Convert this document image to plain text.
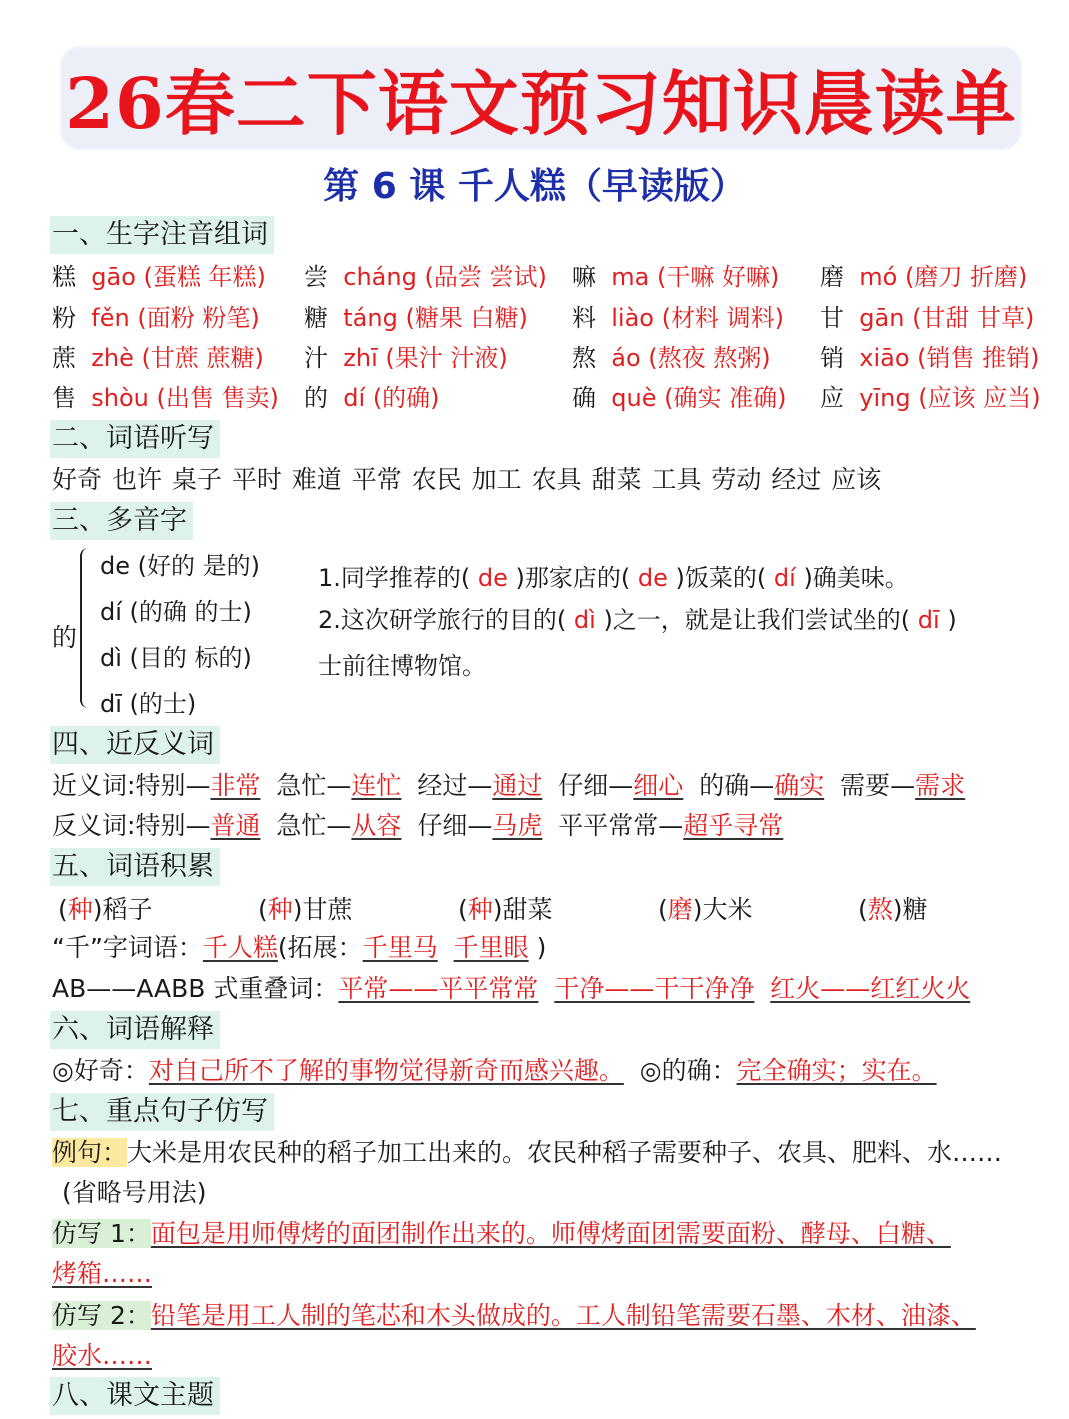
26春二下语文预习 知识晨读单
第 6 课 千人糕（早读版）
一、生字注音组词
糕 gāo (蛋糕 年糕) 尝 cháng (品尝 尝试) 嘛 ma (干嘛 好嘛) 磨 mó (磨刀 折磨)
粉 fěn (面粉 粉笔) 糖 táng (糖果 白糖) 料 liào (材料 调料) 甘 gān (甘甜 甘草)
蔗 zhè (甘蔗 蔗糖) 汁 zhī (果汁 汁液)	熬 áo (熬夜 熬粥) 销 xiāo (销售 推销)
售 shòu (出售 售卖) 的 dí (的确)	确 què (确实 准确) 应 yīng (应该 应当)
二、词语听写
好奇 也许 桌子 平时 难道 平常 农民 加工 农具 甜菜 工具 劳动 经过 应该
三、多音字
的
de (好的 是的)
dí (的确 的士)
dì (目的 标的)
dī (的士)
1.同学推荐的( de )那家店的( de )饭菜的( dí )确美味。
2.这次研学旅行的目的( dì )之一，就是让我们尝试坐的( dī )
士前往博物馆。
四、近反义词
近义词:特别—非常 急忙—连忙 经过—通过 仔细—细心 的确—确实 需要—需求
反义词:特别—普通 急忙—从容 仔细—马虎 平平常常—超乎寻常
五、词语积累
(种)稻子	(种)甘蔗	(种)甜菜	(磨)大米	(熬)糖
“千”字词语：千人糕(拓展：千里马 千里眼 )
AB——AABB 式重叠词：平常——平平常常 干净——干干净净 红火——红红火火
六、词语解释
◎好奇：对自己所不了解的事物觉得新奇而感兴趣。 ◎的确：完全确实；实在。
七、重点句子仿写
例句：大米是用农民种的稻子加工出来的。农民种稻子需要种子、农具、肥料、水……
(省略号用法)
仿写 1：面包是用师傅烤的面团制作出来的。师傅烤面团需要面粉、酵母、白糖、
烤箱……
仿写 2：铅笔是用工人制的笔芯和木头做成的。工人制铅笔需要石墨、木材、油漆、
胶水……
八、课文主题
